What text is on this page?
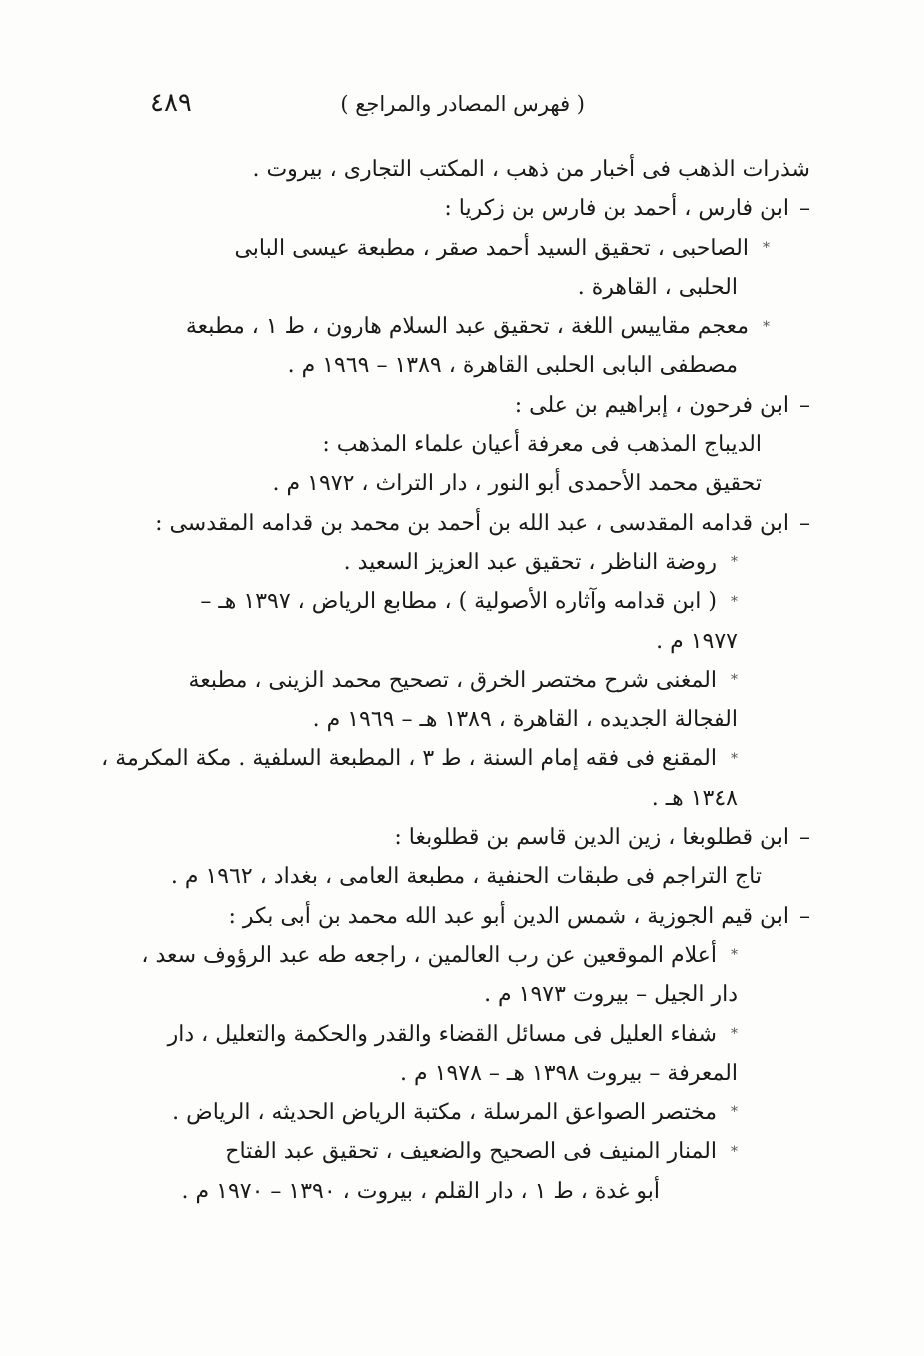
٤٨٩	( فهرس المصادر والمراجع )
شذرات الذهب فى أخبار من ذهب ، المكتب التجارى ، بيروت .
–ابن فارس ، أحمد بن فارس بن زكريا :
*الصاحبى ، تحقيق السيد أحمد صقر ، مطبعة عيسى البابى
الحلبى ، القاهرة .
*معجم مقاييس اللغة ، تحقيق عبد السلام هارون ، ط ١ ، مطبعة
مصطفى البابى الحلبى القاهرة ، ١٣٨٩ – ١٩٦٩ م .
–ابن فرحون ، إبراهيم بن على :
الديباج المذهب فى معرفة أعيان علماء المذهب :
تحقيق محمد الأحمدى أبو النور ، دار التراث ، ١٩٧٢ م .
–ابن قدامه المقدسى ، عبد الله بن أحمد بن محمد بن قدامه المقدسى :
*روضة الناظر ، تحقيق عبد العزيز السعيد .
*( ابن قدامه وآثاره الأصولية ) ، مطابع الرياض ، ١٣٩٧ هـ –
١٩٧٧ م .
*المغنى شرح مختصر الخرق ، تصحيح محمد الزينى ، مطبعة
الفجالة الجديده ، القاهرة ، ١٣٨٩ هـ – ١٩٦٩ م .
*المقنع فى فقه إمام السنة ، ط ٣ ، المطبعة السلفية . مكة المكرمة ،
١٣٤٨ هـ .
–ابن قطلوبغا ، زين الدين قاسم بن قطلوبغا :
تاج التراجم فى طبقات الحنفية ، مطبعة العامى ، بغداد ، ١٩٦٢ م .
–ابن قيم الجوزية ، شمس الدين أبو عبد الله محمد بن أبى بكر :
*أعلام الموقعين عن رب العالمين ، راجعه طه عبد الرؤوف سعد ،
دار الجيل – بيروت ١٩٧٣ م .
*شفاء العليل فى مسائل القضاء والقدر والحكمة والتعليل ، دار
المعرفة – بيروت ١٣٩٨ هـ – ١٩٧٨ م .
*مختصر الصواعق المرسلة ، مكتبة الرياض الحديثه ، الرياض .
*المنار المنيف فى الصحيح والضعيف ، تحقيق عبد الفتاح
أبو غدة ، ط ١ ، دار القلم ، بيروت ، ١٣٩٠ – ١٩٧٠ م .
